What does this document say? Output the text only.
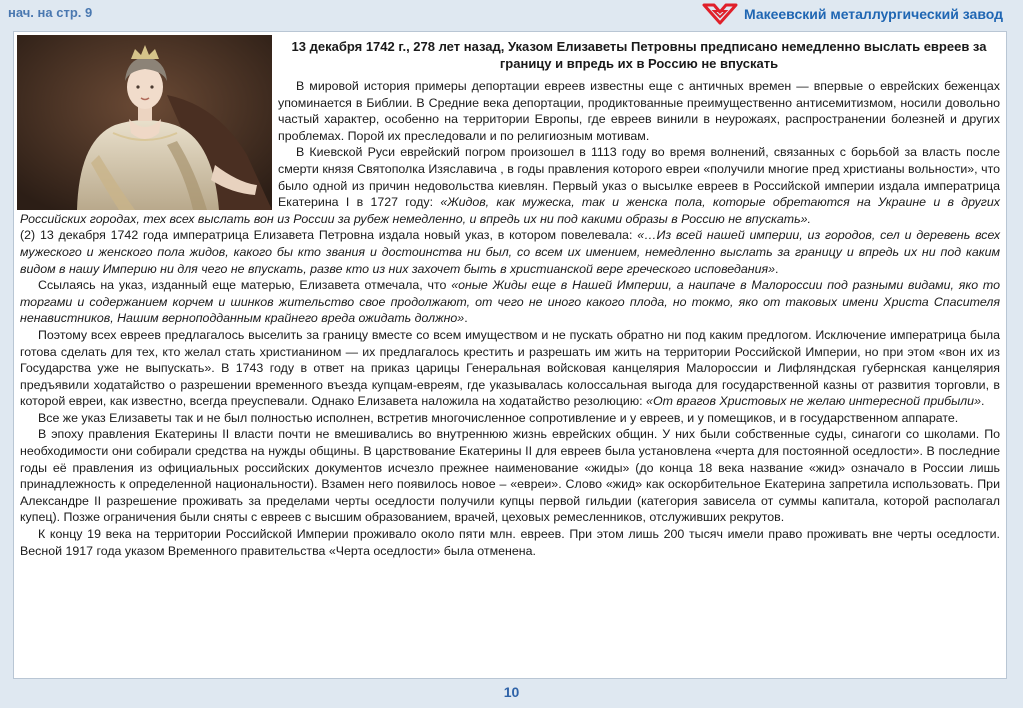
нач. на стр. 9	Макеевский металлургический завод
13 декабря 1742 г., 278 лет назад, Указом Елизаветы Петровны предписано немедленно выслать евреев за границу и впредь их в Россию не впускать

В мировой история примеры депортации евреев известны еще с античных времен — впервые о еврейских беженцах упоминается в Библии. В Средние века депортации, продиктованные преимущественно антисемитизмом, носили довольно частый характер, особенно на территории Европы, где евреев винили в неурожаях, распространении болезней и других проблемах. Порой их преследовали и по религиозным мотивам.

В Киевской Руси еврейский погром произошел в 1113 году во время волнений, связанных с борьбой за власть после смерти князя Святополка Изяславича , в годы правления которого евреи «получили многие пред христианы вольности», что было одной из причин недовольства киевлян. Первый указ о высылке евреев в Российской империи издала императрица Екатерина I в 1727 году: «Жидов, как мужеска, так и женска пола, которые обретаются на Украине и в других Российских городах, тех всех выслать вон из России за рубеж немедленно, и впредь их ни под какими образы в Россию не впускать».

(2) 13 декабря 1742 года императрица Елизавета Петровна издала новый указ, в котором повелевала: «…Из всей нашей империи, из городов, сел и деревень всех мужеского и женского пола жидов, какого бы кто звания и достоинства ни был, со всем их имением, немедленно выслать за границу и впредь их ни под каким видом в нашу Империю ни для чего не впускать, разве кто из них захочет быть в христианской вере греческого исповедания».

Ссылаясь на указ, изданный еще матерью, Елизавета отмечала, что «оные Жиды еще в Нашей Империи, а наипаче в Малороссии под разными видами, яко то торгами и содержанием корчем и шинков жительство свое продолжают, от чего не иного какого плода, но токмо, яко от таковых имени Христа Спасителя ненавистников, Нашим верноподданным крайнего вреда ожидать должно».

Поэтому всех евреев предлагалось выселить за границу вместе со всем имуществом и не пускать обратно ни под каким предлогом. Исключение императрица была готова сделать для тех, кто желал стать христианином — их предлагалось крестить и разрешать им жить на территории Российской Империи, но при этом «вон их из Государства уже не выпускать». В 1743 году в ответ на приказ царицы Генеральная войсковая канцелярия Малороссии и Лифляндская губернская канцелярия предъявили ходатайство о разрешении временного въезда купцам-евреям, где указывалась колоссальная выгода для государственной казны от развития торговли, в которой евреи, как известно, всегда преуспевали. Однако Елизавета наложила на ходатайство резолюцию: «От врагов Христовых не желаю интересной прибыли».

Все же указ Елизаветы так и не был полностью исполнен, встретив многочисленное сопротивление и у евреев, и у помещиков, и в государственном аппарате.

В эпоху правления Екатерины II власти почти не вмешивались во внутреннюю жизнь еврейских общин. У них были собственные суды, синагоги со школами. По необходимости они собирали средства на нужды общины. В царствование Екатерины II для евреев была установлена «черта для постоянной оседлости». В последние годы её правления из официальных российских документов исчезло прежнее наименование «жиды» (до конца 18 века название «жид» означало в России лишь принадлежность к определенной национальности). Взамен него появилось новое – «евреи». Слово «жид» как оскорбительное Екатерина запретила использовать. При Александре II разрешение проживать за пределами черты оседлости получили купцы первой гильдии (категория зависела от суммы капитала, которой располагал купец). Позже ограничения были сняты с евреев с высшим образованием, врачей, цеховых ремесленников, отслуживших рекрутов.

К концу 19 века на территории Российской Империи проживало около пяти млн. евреев. При этом лишь 200 тысяч имели право проживать вне черты оседлости. Весной 1917 года указом Временного правительства «Черта оседлости» была отменена.

10
